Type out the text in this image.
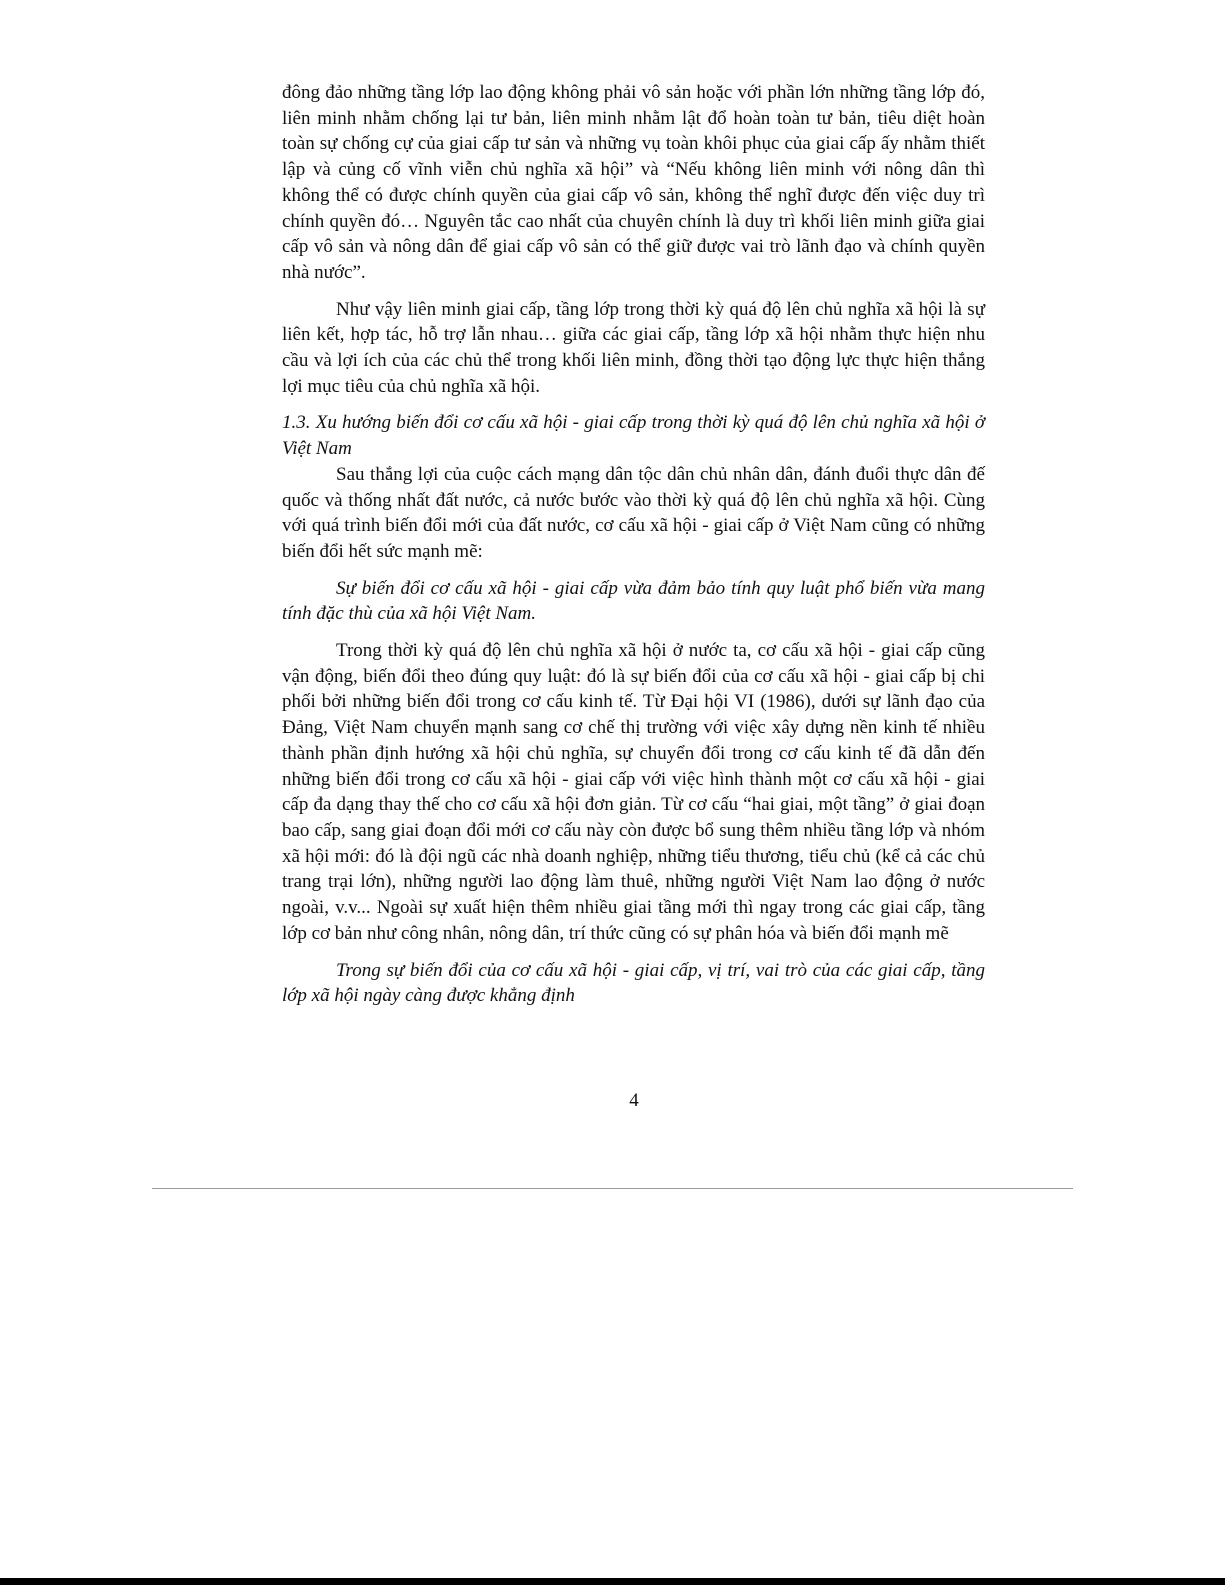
đông đảo những tầng lớp lao động không phải vô sản hoặc với phần lớn những tầng lớp đó, liên minh nhằm chống lại tư bản, liên minh nhằm lật đổ hoàn toàn tư bản, tiêu diệt hoàn toàn sự chống cự của giai cấp tư sản và những vụ toàn khôi phục của giai cấp ấy nhằm thiết lập và củng cố vĩnh viễn chủ nghĩa xã hội” và “Nếu không liên minh với nông dân thì không thể có được chính quyền của giai cấp vô sản, không thể nghĩ được đến việc duy trì chính quyền đó… Nguyên tắc cao nhất của chuyên chính là duy trì khối liên minh giữa giai cấp vô sản và nông dân để giai cấp vô sản có thể giữ được vai trò lãnh đạo và chính quyền nhà nước”.

Như vậy liên minh giai cấp, tầng lớp trong thời kỳ quá độ lên chủ nghĩa xã hội là sự liên kết, hợp tác, hỗ trợ lẫn nhau… giữa các giai cấp, tầng lớp xã hội nhằm thực hiện nhu cầu và lợi ích của các chủ thể trong khối liên minh, đồng thời tạo động lực thực hiện thắng lợi mục tiêu của chủ nghĩa xã hội.

1.3. Xu hướng biến đổi cơ cấu xã hội - giai cấp trong thời kỳ quá độ lên chủ nghĩa xã hội ở Việt Nam

Sau thắng lợi của cuộc cách mạng dân tộc dân chủ nhân dân, đánh đuổi thực dân đế quốc và thống nhất đất nước, cả nước bước vào thời kỳ quá độ lên chủ nghĩa xã hội. Cùng với quá trình biến đổi mới của đất nước, cơ cấu xã hội - giai cấp ở Việt Nam cũng có những biến đổi hết sức mạnh mẽ:

Sự biến đổi cơ cấu xã hội - giai cấp vừa đảm bảo tính quy luật phổ biến vừa mang tính đặc thù của xã hội Việt Nam.

Trong thời kỳ quá độ lên chủ nghĩa xã hội ở nước ta, cơ cấu xã hội - giai cấp cũng vận động, biến đổi theo đúng quy luật: đó là sự biến đổi của cơ cấu xã hội - giai cấp bị chi phối bởi những biến đổi trong cơ cấu kinh tế. Từ Đại hội VI (1986), dưới sự lãnh đạo của Đảng, Việt Nam chuyển mạnh sang cơ chế thị trường với việc xây dựng nền kinh tế nhiều thành phần định hướng xã hội chủ nghĩa, sự chuyển đổi trong cơ cấu kinh tế đã dẫn đến những biến đổi trong cơ cấu xã hội - giai cấp với việc hình thành một cơ cấu xã hội - giai cấp đa dạng thay thế cho cơ cấu xã hội đơn giản. Từ cơ cấu “hai giai, một tầng” ở giai đoạn bao cấp, sang giai đoạn đổi mới cơ cấu này còn được bổ sung thêm nhiều tầng lớp và nhóm xã hội mới: đó là đội ngũ các nhà doanh nghiệp, những tiểu thương, tiểu chủ (kể cả các chủ trang trại lớn), những người lao động làm thuê, những người Việt Nam lao động ở nước ngoài, v.v... Ngoài sự xuất hiện thêm nhiều giai tầng mới thì ngay trong các giai cấp, tầng lớp cơ bản như công nhân, nông dân, trí thức cũng có sự phân hóa và biến đổi mạnh mẽ

Trong sự biến đổi của cơ cấu xã hội - giai cấp, vị trí, vai trò của các giai cấp, tầng lớp xã hội ngày càng được khẳng định

4
